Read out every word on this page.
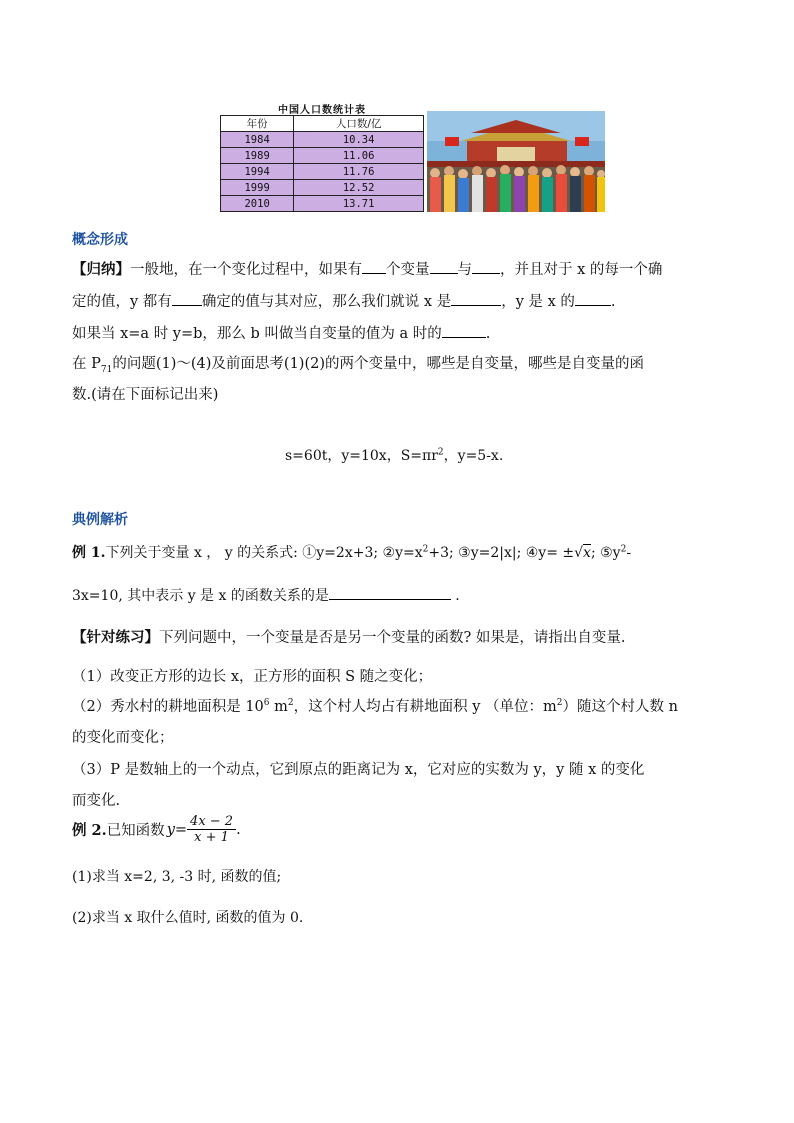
中国人口数统计表
年份	人口数/亿
1984	10.34
1989	11.06
1994	11.76
1999	12.52
2010	13.71
概念形成
【归纳】一般地，在一个变化过程中，如果有 个变量 与 ，并且对于 x 的每一个确
定的值，y 都有 确定的值与其对应，那么我们就说 x 是	，y 是 x 的 .
如果当 x=a 时 y=b，那么 b 叫做当自变量的值为 a 时的	.
在 $P_{71}$的问题(1)～(4)及前面思考(1)(2)的两个变量中，哪些是自变量，哪些是自变量的函
数.(请在下面标记出来)
s=60t，y=10x，$S=\pi r^2$，y=5-x.
典例解析
例 1.下列关于变量 x ， y 的关系式: ①y=2x+3; $②y=x^2+3$; ③y=2|x|; ④y= ±√x; $⑤y^2-$
3x=10, 其中表示 y 是 x 的函数关系的是	.
【针对练习】下列问题中，一个变量是否是另一个变量的函数? 如果是，请指出自变量.
（1）改变正方形的边长 x，正方形的面积 S 随之变化；
（2）秀水村的耕地面积是 $10^6$ $m^2$，这个村人均占有耕地面积 y （单位：$m^2$）随这个村人数 n
的变化而变化；
（3）P 是数轴上的一个动点，它到原点的距离记为 x，它对应的实数为 y，y 随 x 的变化
而变化.
例 2. 已知函数 $y = \frac{4x - 2}{x + 1}$ .
(1)求当 x=2, 3, -3 时, 函数的值;
(2)求当 x 取什么值时, 函数的值为 0.
